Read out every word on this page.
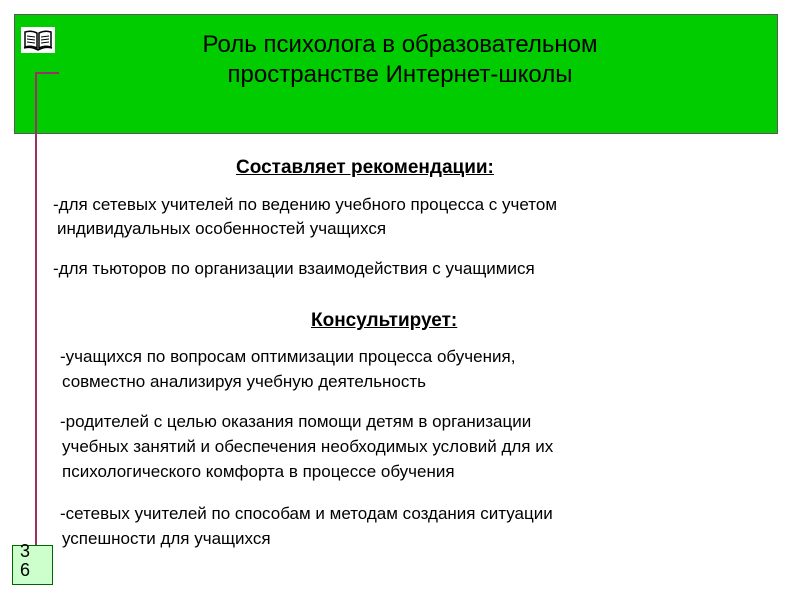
Роль психолога в образовательном
пространстве Интернет-школы
3
6
Составляет рекомендации:
-для сетевых учителей по ведению учебного процесса с учетом
индивидуальных особенностей учащихся
-для тьюторов по организации взаимодействия с учащимися
Консультирует:
-учащихся по вопросам оптимизации процесса обучения,
совместно анализируя учебную деятельность
-родителей с целью оказания помощи детям в организации
учебных занятий и обеспечения необходимых условий для их
психологического комфорта в процессе обучения
-сетевых учителей по способам и методам создания ситуации
успешности для учащихся
